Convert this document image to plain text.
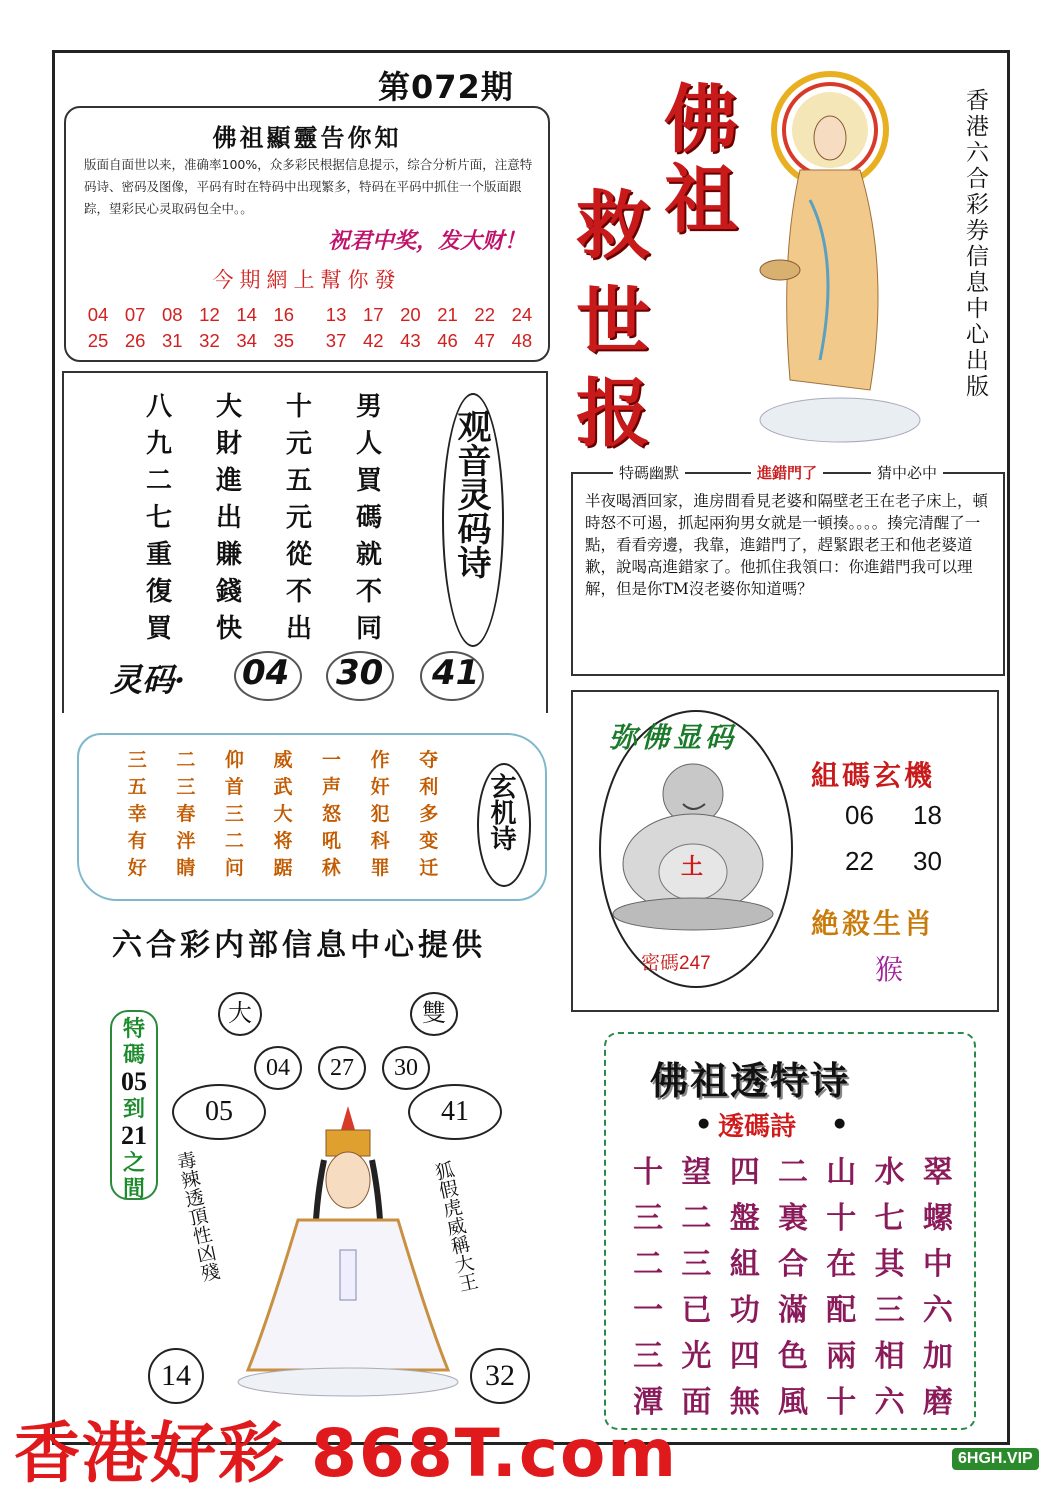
第072期
佛祖顯靈告你知
版面自面世以来，准确率100%，众多彩民根据信息提示，综合分析片面，注意特码诗、密码及图像，平码有时在特码中出现繁多，特码在平码中抓住一个版面跟踪，望彩民心灵取码包全中。。
祝君中奖，发大财！
今期網上幫你發
04 07 08 12 14 16	13 17 20 21 22 24
25 26 31 32 34 35	37 42 43 46 47 48
佛
祖
救
世
报
香港六合彩券信息中心出版
八	大	十	男
九	財	元	人
二	進	五	買
七	出	元	碼
重	賺	從	就
復	錢	不	不
買	快	出	同
观音灵码诗
灵码· 04 30 41
特碼幽默	進錯門了	猜中必中
半夜喝酒回家，進房間看見老婆和隔壁老王在老子床上，頓時怒不可遏，抓起兩狗男女就是一頓揍。。。。揍完清醒了一點，看看旁邊，我靠，進錯門了，趕緊跟老王和他老婆道歉，說喝高進錯家了。他抓住我領口：你進錯門我可以理解，但是你TM沒老婆你知道嗎？
三	二	仰	威	一	作	夺
五	三	首	武	声	奸	利
幸	春	三	大	怒	犯	多
有	泮	二	将	吼	科	变
好	睛	问	踞	秫	罪	迁
玄机诗
六合彩内部信息中心提供
弥佛显码
土
密碼247
組碼玄機
06 18
22 30
絶殺生肖
猴
大	雙
04	27	30
05	41
特
碼
05
到
21
之
間	毒辣透頂性凶殘	狐假虎威稱大王
14	32
佛祖透特诗
● 透碼詩	●
十 望 四 二 山 水 翠
三 二 盤 裏 十 七 螺
二 三 組 合 在 其 中
一 已 功 滿 配 三 六
三 光 四 色 兩 相 加
潭 面 無 風 十 六 磨
香港好彩 868T.com	6HGH.VIP
